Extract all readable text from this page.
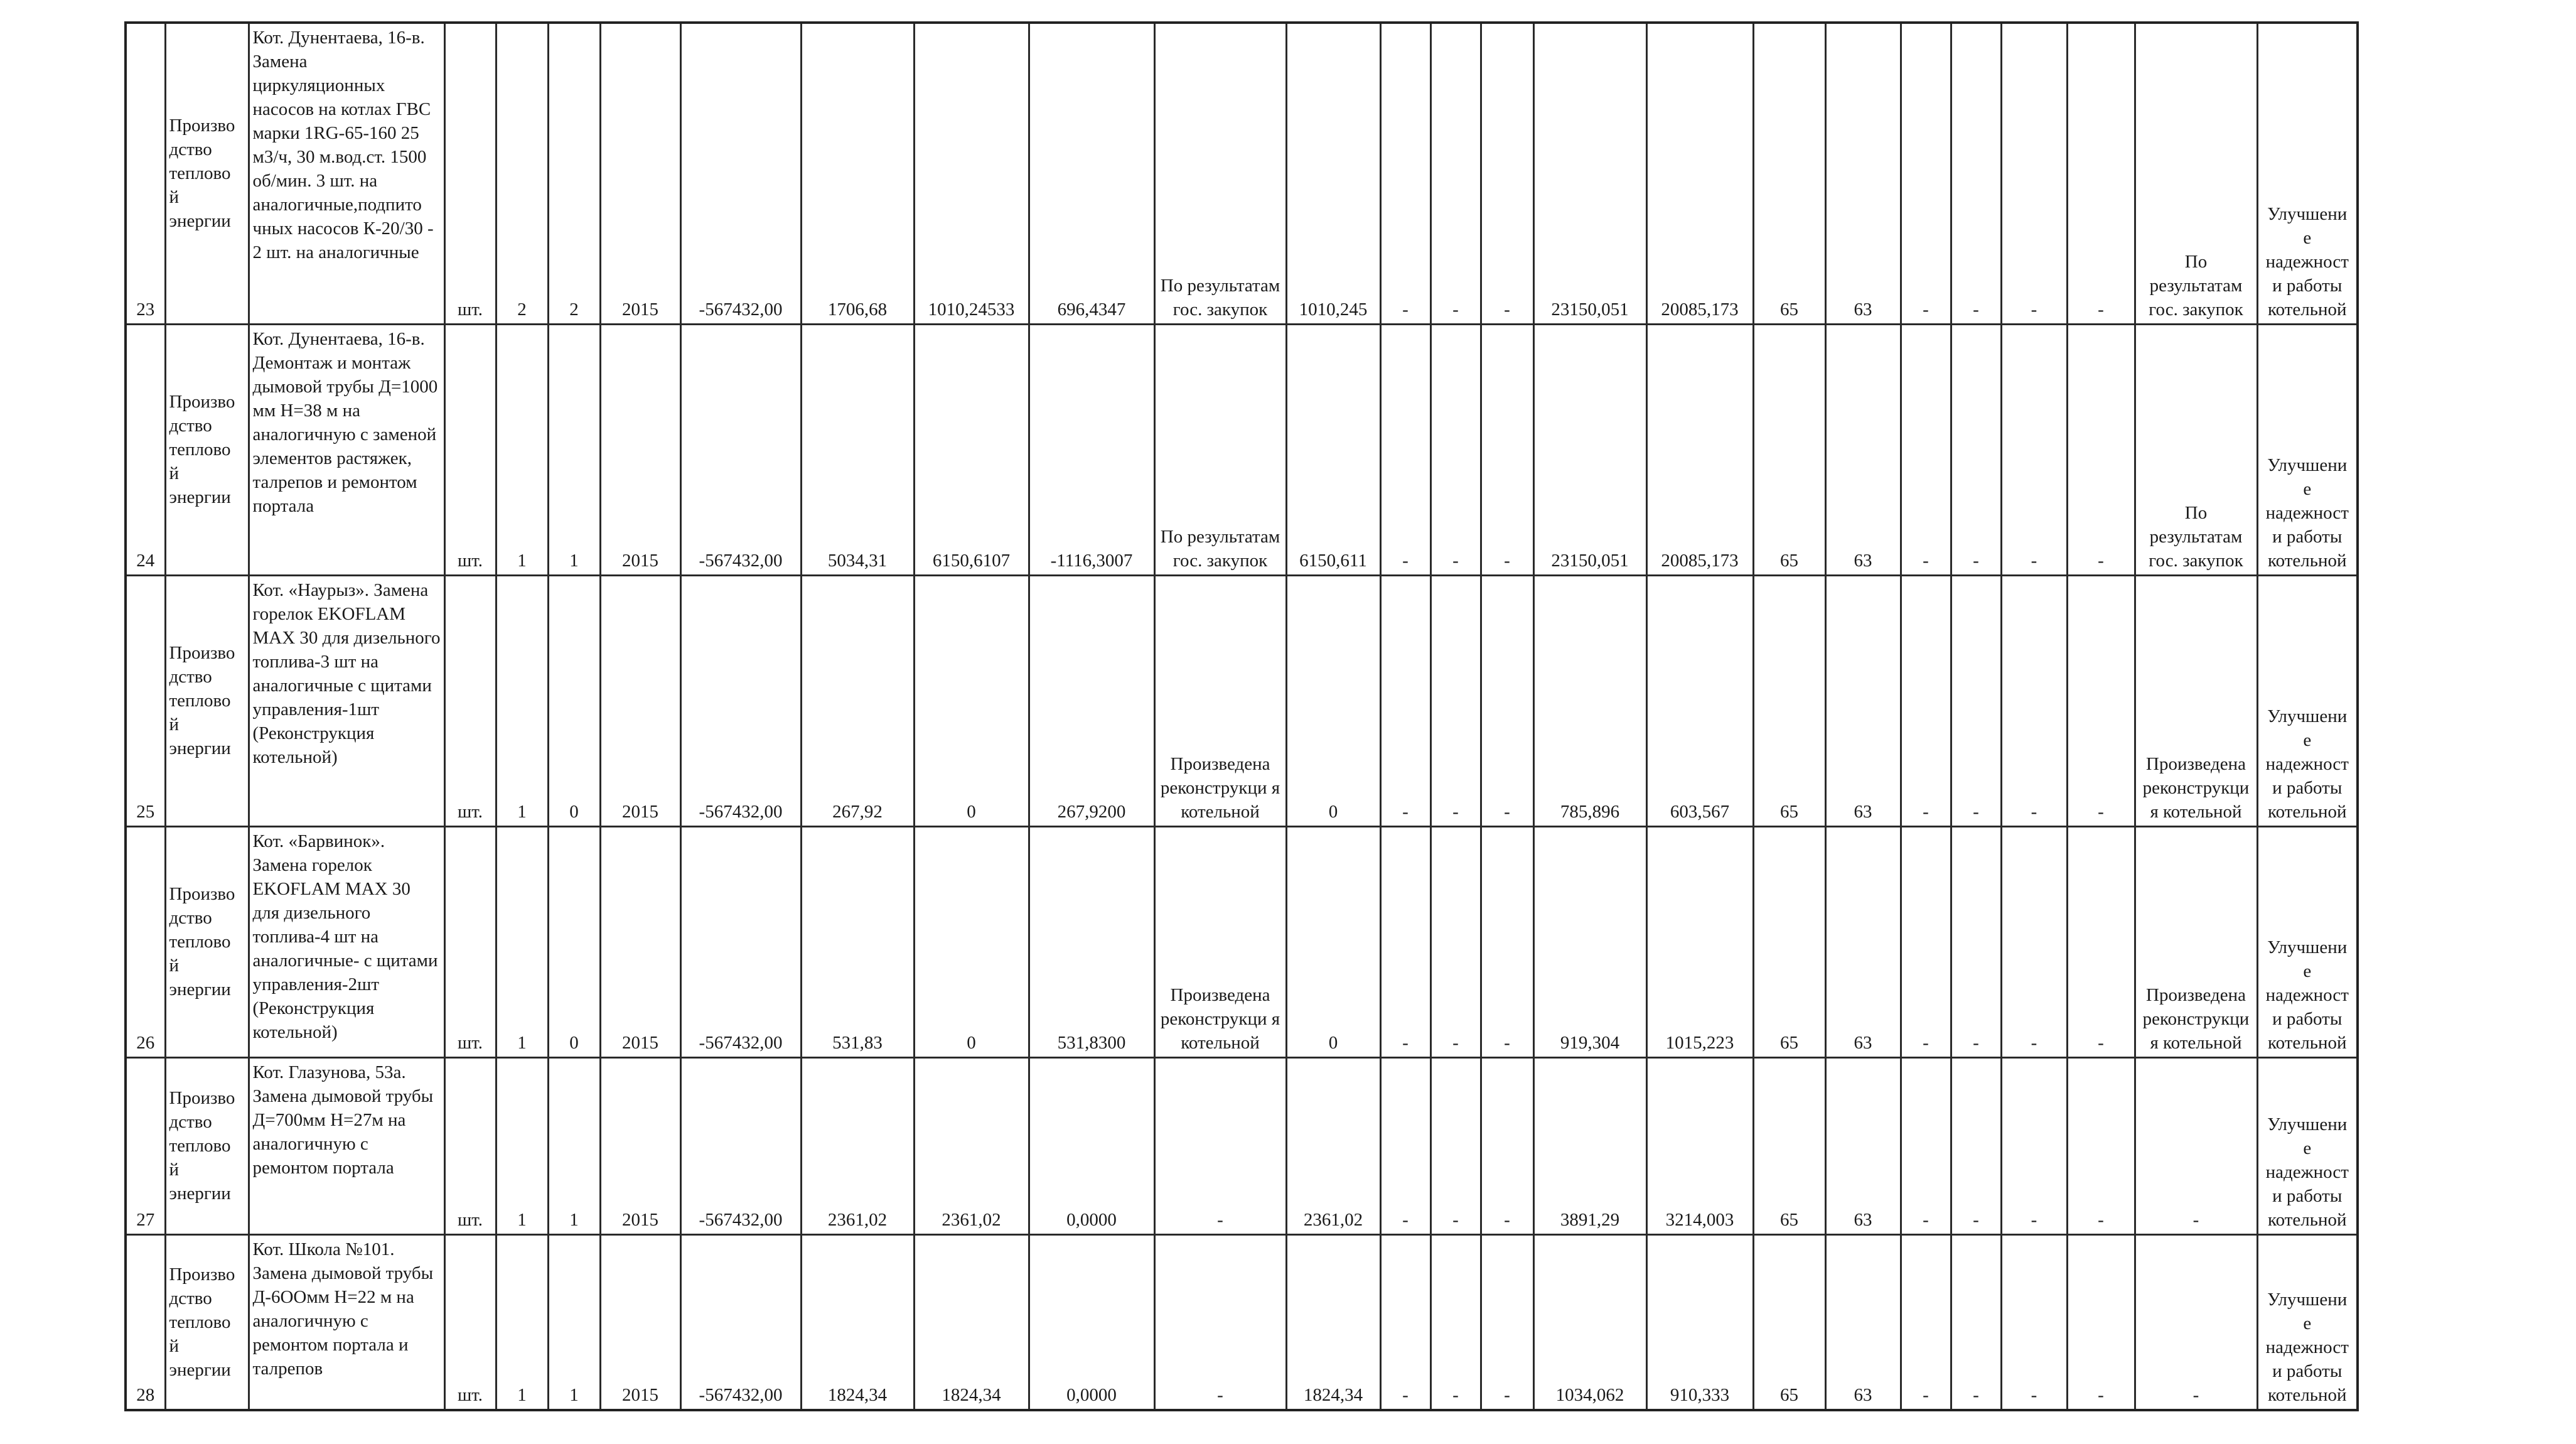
23	Произво дство теплово й энергии	Кот. Дунентаева, 16-в. Замена циркуляционных насосов на котлах ГВС марки 1RG-65-160 25 м3/ч, 30 м.вод.ст. 1500 об/мин. 3 шт. на аналогичные,подпито чных насосов К-20/30 - 2 шт. на аналогичные	шт.	2	2	2015	-567432,00	1706,68	1010,24533	696,4347	По результатам гос. закупок	1010,245	-	-	-	23150,051	20085,173	65	63	-	-	-	-	По результатам гос. закупок	Улучшени е надежност и работы котельной
24	Произво дство теплово й энергии	Кот. Дунентаева, 16-в. Демонтаж и монтаж дымовой трубы Д=1000 мм Н=38 м на аналогичную с заменой элементов растяжек, талрепов и ремонтом портала	шт.	1	1	2015	-567432,00	5034,31	6150,6107	-1116,3007	По результатам гос. закупок	6150,611	-	-	-	23150,051	20085,173	65	63	-	-	-	-	По результатам гос. закупок	Улучшени е надежност и работы котельной
25	Произво дство теплово й энергии	Кот. «Наурыз». Замена горелок EKOFLAM MAX 30 для дизельного топлива-3 шт на аналогичные с щитами управления-1шт (Реконструкция котельной)	шт.	1	0	2015	-567432,00	267,92	0	267,9200	Произведена реконструкци я котельной	0	-	-	-	785,896	603,567	65	63	-	-	-	-	Произведена реконструкци я котельной	Улучшени е надежност и работы котельной
26	Произво дство теплово й энергии	Кот. «Барвинок». Замена горелок EKOFLAM MAX 30 для дизельного топлива-4 шт на аналогичные- с щитами управления-2шт (Реконструкция котельной)	шт.	1	0	2015	-567432,00	531,83	0	531,8300	Произведена реконструкци я котельной	0	-	-	-	919,304	1015,223	65	63	-	-	-	-	Произведена реконструкци я котельной	Улучшени е надежност и работы котельной
27	Произво дство теплово й энергии	Кот. Глазунова, 53а. Замена дымовой трубы Д=700мм Н=27м на аналогичную с ремонтом портала	шт.	1	1	2015	-567432,00	2361,02	2361,02	0,0000	-	2361,02	-	-	-	3891,29	3214,003	65	63	-	-	-	-	-	Улучшени е надежност и работы котельной
28	Произво дство теплово й энергии	Кот. Школа №101. Замена дымовой трубы Д-6ООмм Н=22 м на аналогичную с ремонтом портала и талрепов	шт.	1	1	2015	-567432,00	1824,34	1824,34	0,0000	-	1824,34	-	-	-	1034,062	910,333	65	63	-	-	-	-	-	Улучшени е надежност и работы котельной
